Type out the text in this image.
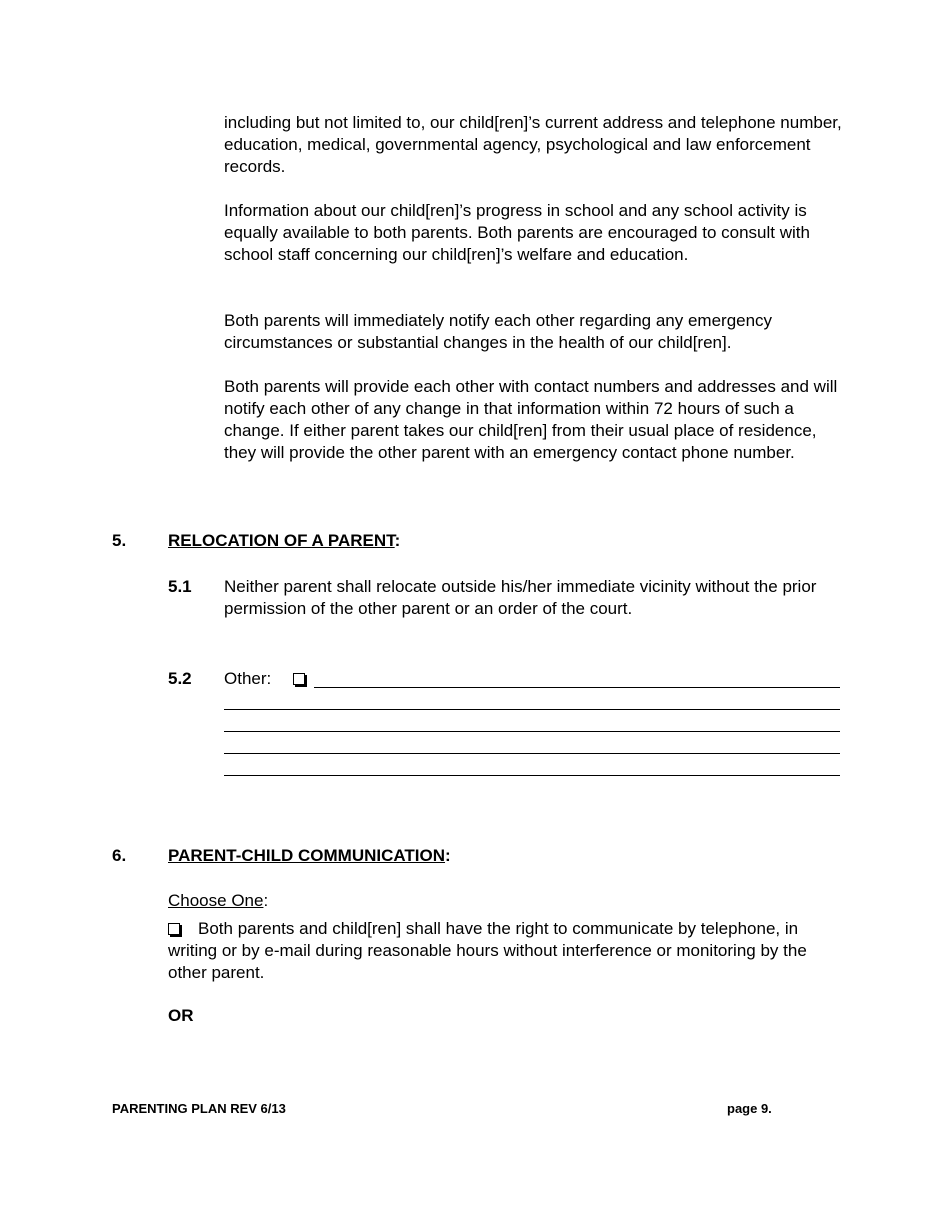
including but not limited to, our child[ren]’s current address and telephone number, education, medical, governmental agency, psychological and law enforcement records.
Information about our child[ren]’s progress in school and any school activity is equally available to both parents. Both parents are encouraged to consult with school staff concerning our child[ren]’s welfare and education.
Both parents will immediately notify each other regarding any emergency circumstances or substantial changes in the health of our child[ren].
Both parents will provide each other with contact numbers and addresses and will notify each other of any change in that information within 72 hours of such a change. If either parent takes our child[ren] from their usual place of residence, they will provide the other parent with an emergency contact phone number.
5. RELOCATION OF A PARENT:
5.1 Neither parent shall relocate outside his/her immediate vicinity without the prior permission of the other parent or an order of the court.
5.2 Other:
6. PARENT-CHILD COMMUNICATION:
Choose One:
Both parents and child[ren] shall have the right to communicate by telephone, in writing or by e-mail during reasonable hours without interference or monitoring by the other parent.
OR
PARENTING PLAN REV 6/13	page 9.
